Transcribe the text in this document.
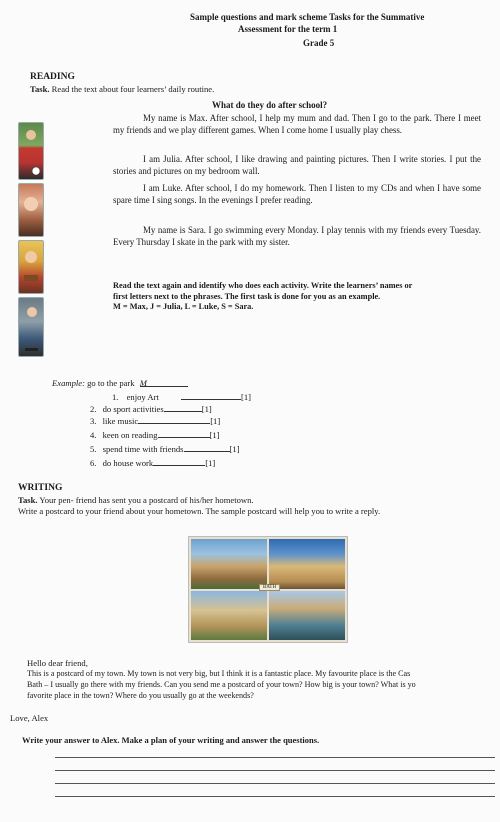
Sample questions and mark scheme Tasks for the Summative
Assessment for the term 1
Grade 5
READING
Task. Read the text about four learners’ daily routine.
What do they do after school?
My name is Max. After school, I help my mum and dad. Then I go to the park. There I meet my friends and we play different games. When I come home I usually play chess.
I am Julia. After school, I like drawing and painting pictures. Then I write stories. I put the stories and pictures on my bedroom wall.
I am Luke. After school, I do my homework. Then I listen to my CDs and when I have some spare time I sing songs. In the evenings I prefer reading.
My name is Sara. I go swimming every Monday. I play tennis with my friends every Tuesday. Every Thursday I skate in the park with my sister.
Read the text again and identify who does each activity. Write the learners’ names or
first letters next to the phrases. The first task is done for you as an example.
M = Max, J = Julia, L = Luke, S = Sara.
Example: go to the park M
1. enjoy Art	[1]
2. do sport activities	[1]
3. like music	[1]
4. keen on reading	[1]
5. spend time with friends	[1]
6. do house work	[1]
WRITING
Task. Your pen- friend has sent you a postcard of his/her hometown.
Write a postcard to your friend about your hometown. The sample postcard will help you to write a reply.
BATH
Hello dear friend,
This is a postcard of my town. My town is not very big, but I think it is a fantastic place. My favourite place is the Cas
Bath – I usually go there with my friends. Can you send me a postcard of your town? How big is your town? What is yo
favorite place in the town? Where do you usually go at the weekends?
Love, Alex
Write your answer to Alex. Make a plan of your writing and answer the questions.
